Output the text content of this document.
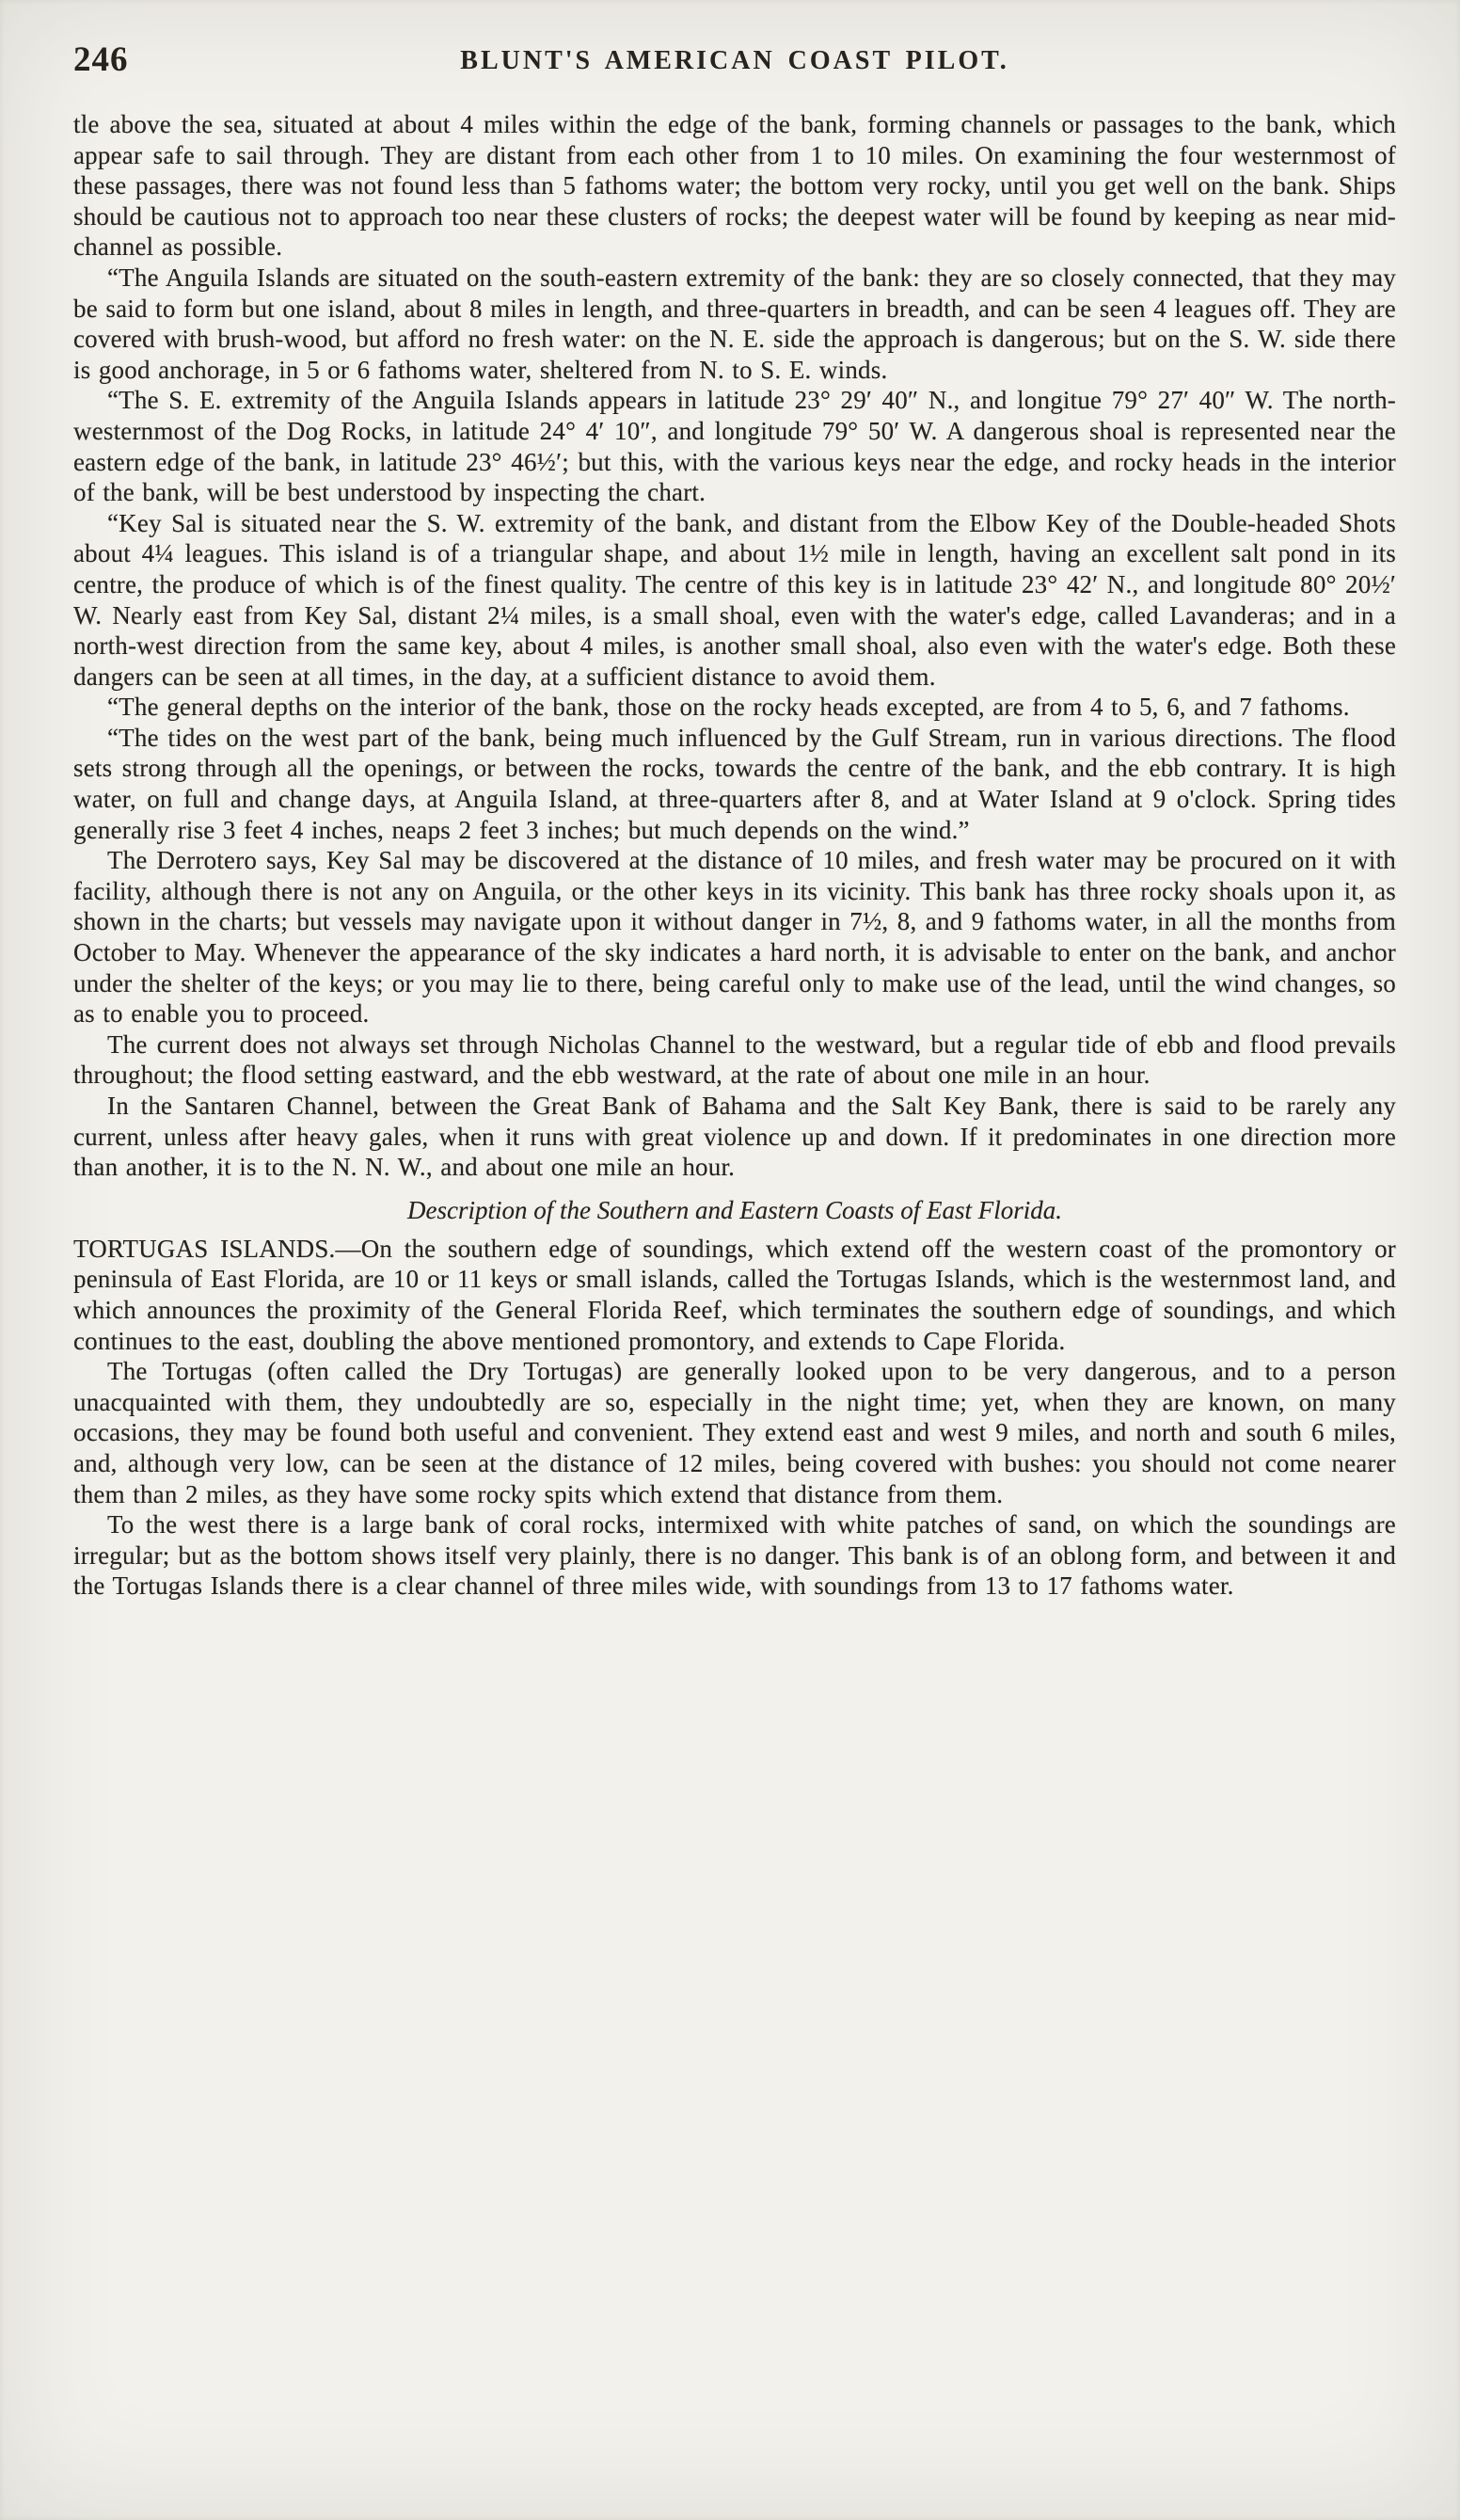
246	BLUNT'S AMERICAN COAST PILOT.

tle above the sea, situated at about 4 miles within the edge of the bank, forming channels or passages to the bank, which appear safe to sail through. They are distant from each other from 1 to 10 miles. On examining the four westernmost of these passages, there was not found less than 5 fathoms water; the bottom very rocky, until you get well on the bank. Ships should be cautious not to approach too near these clusters of rocks; the deepest water will be found by keeping as near mid-channel as possible.

“The Anguila Islands are situated on the south-eastern extremity of the bank: they are so closely connected, that they may be said to form but one island, about 8 miles in length, and three-quarters in breadth, and can be seen 4 leagues off. They are covered with brush-wood, but afford no fresh water: on the N. E. side the approach is dangerous; but on the S. W. side there is good anchorage, in 5 or 6 fathoms water, sheltered from N. to S. E. winds.

“The S. E. extremity of the Anguila Islands appears in latitude 23° 29′ 40″ N., and longitue 79° 27′ 40″ W. The north-westernmost of the Dog Rocks, in latitude 24° 4′ 10″, and longitude 79° 50′ W. A dangerous shoal is represented near the eastern edge of the bank, in latitude 23° 46½′; but this, with the various keys near the edge, and rocky heads in the interior of the bank, will be best understood by inspecting the chart.

“Key Sal is situated near the S. W. extremity of the bank, and distant from the Elbow Key of the Double-headed Shots about 4¼ leagues. This island is of a triangular shape, and about 1½ mile in length, having an excellent salt pond in its centre, the produce of which is of the finest quality. The centre of this key is in latitude 23° 42′ N., and longitude 80° 20½′ W. Nearly east from Key Sal, distant 2¼ miles, is a small shoal, even with the water's edge, called Lavanderas; and in a north-west direction from the same key, about 4 miles, is another small shoal, also even with the water's edge. Both these dangers can be seen at all times, in the day, at a sufficient distance to avoid them.

“The general depths on the interior of the bank, those on the rocky heads excepted, are from 4 to 5, 6, and 7 fathoms.

“The tides on the west part of the bank, being much influenced by the Gulf Stream, run in various directions. The flood sets strong through all the openings, or between the rocks, towards the centre of the bank, and the ebb contrary. It is high water, on full and change days, at Anguila Island, at three-quarters after 8, and at Water Island at 9 o'clock. Spring tides generally rise 3 feet 4 inches, neaps 2 feet 3 inches; but much depends on the wind.”

The Derrotero says, Key Sal may be discovered at the distance of 10 miles, and fresh water may be procured on it with facility, although there is not any on Anguila, or the other keys in its vicinity. This bank has three rocky shoals upon it, as shown in the charts; but vessels may navigate upon it without danger in 7½, 8, and 9 fathoms water, in all the months from October to May. Whenever the appearance of the sky indicates a hard north, it is advisable to enter on the bank, and anchor under the shelter of the keys; or you may lie to there, being careful only to make use of the lead, until the wind changes, so as to enable you to proceed.

The current does not always set through Nicholas Channel to the westward, but a regular tide of ebb and flood prevails throughout; the flood setting eastward, and the ebb westward, at the rate of about one mile in an hour.

In the Santaren Channel, between the Great Bank of Bahama and the Salt Key Bank, there is said to be rarely any current, unless after heavy gales, when it runs with great violence up and down. If it predominates in one direction more than another, it is to the N. N. W., and about one mile an hour.

Description of the Southern and Eastern Coasts of East Florida.

TORTUGAS ISLANDS.—On the southern edge of soundings, which extend off the western coast of the promontory or peninsula of East Florida, are 10 or 11 keys or small islands, called the Tortugas Islands, which is the westernmost land, and which announces the proximity of the General Florida Reef, which terminates the southern edge of soundings, and which continues to the east, doubling the above mentioned promontory, and extends to Cape Florida.

The Tortugas (often called the Dry Tortugas) are generally looked upon to be very dangerous, and to a person unacquainted with them, they undoubtedly are so, especially in the night time; yet, when they are known, on many occasions, they may be found both useful and convenient. They extend east and west 9 miles, and north and south 6 miles, and, although very low, can be seen at the distance of 12 miles, being covered with bushes: you should not come nearer them than 2 miles, as they have some rocky spits which extend that distance from them.

To the west there is a large bank of coral rocks, intermixed with white patches of sand, on which the soundings are irregular; but as the bottom shows itself very plainly, there is no danger. This bank is of an oblong form, and between it and the Tortugas Islands there is a clear channel of three miles wide, with soundings from 13 to 17 fathoms water.
